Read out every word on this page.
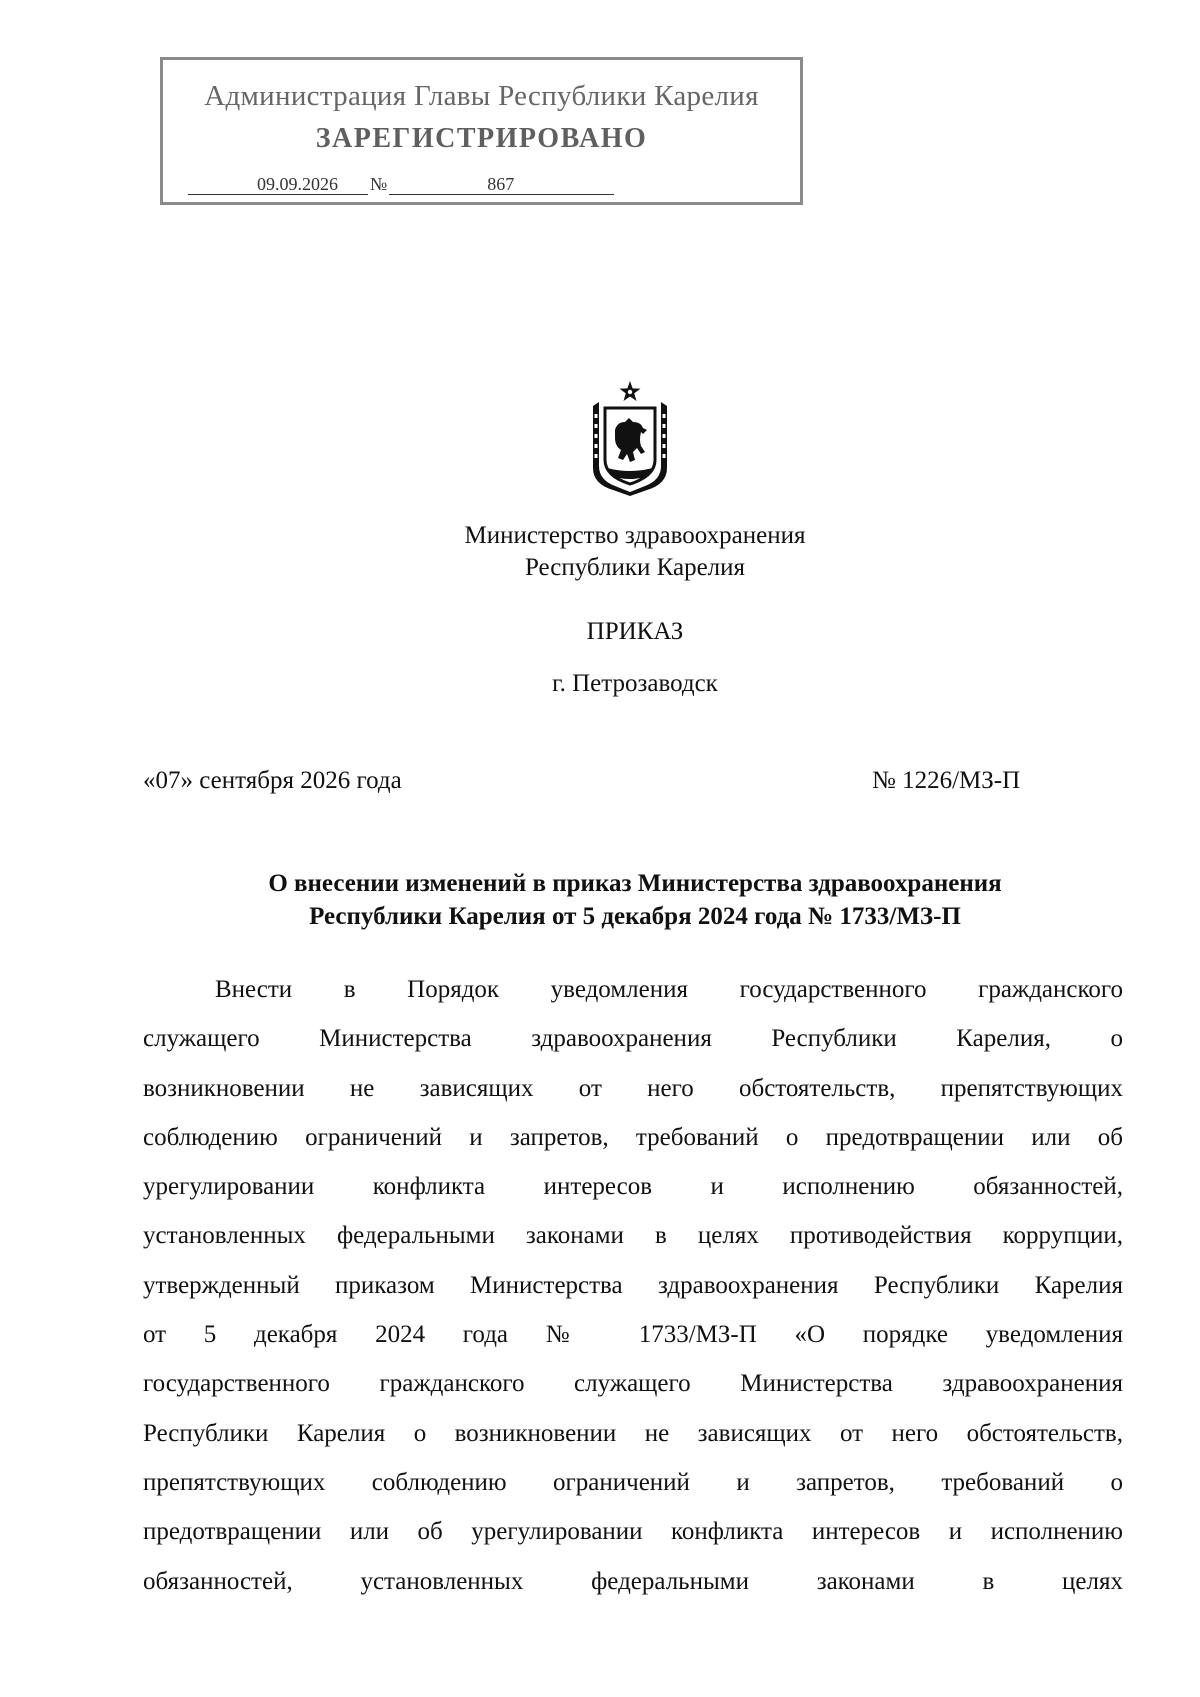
Администрация Главы Республики Карелия
ЗАРЕГИСТРИРОВАНО
09.09.2026 №	867
Министерство здравоохранения
Республики Карелия
ПРИКАЗ
г. Петрозаводск
«07» сентября 2026 года	№ 1226/МЗ-П
О внесении изменений в приказ Министерства здравоохранения
Республики Карелия от 5 декабря 2024 года № 1733/МЗ-П
Внести в Порядок уведомления государственного гражданского
служащего Министерства здравоохранения Республики Карелия, о
возникновении не зависящих от него обстоятельств, препятствующих
соблюдению ограничений и запретов, требований о предотвращении или об
урегулировании конфликта интересов и исполнению обязанностей,
установленных федеральными законами в целях противодействия коррупции,
утвержденный приказом Министерства здравоохранения Республики Карелия
от 5 декабря 2024 года № 1733/МЗ-П «О порядке уведомления
государственного гражданского служащего Министерства здравоохранения
Республики Карелия о возникновении не зависящих от него обстоятельств,
препятствующих соблюдению ограничений и запретов, требований о
предотвращении или об урегулировании конфликта интересов и исполнению
обязанностей, установленных федеральными законами в целях
